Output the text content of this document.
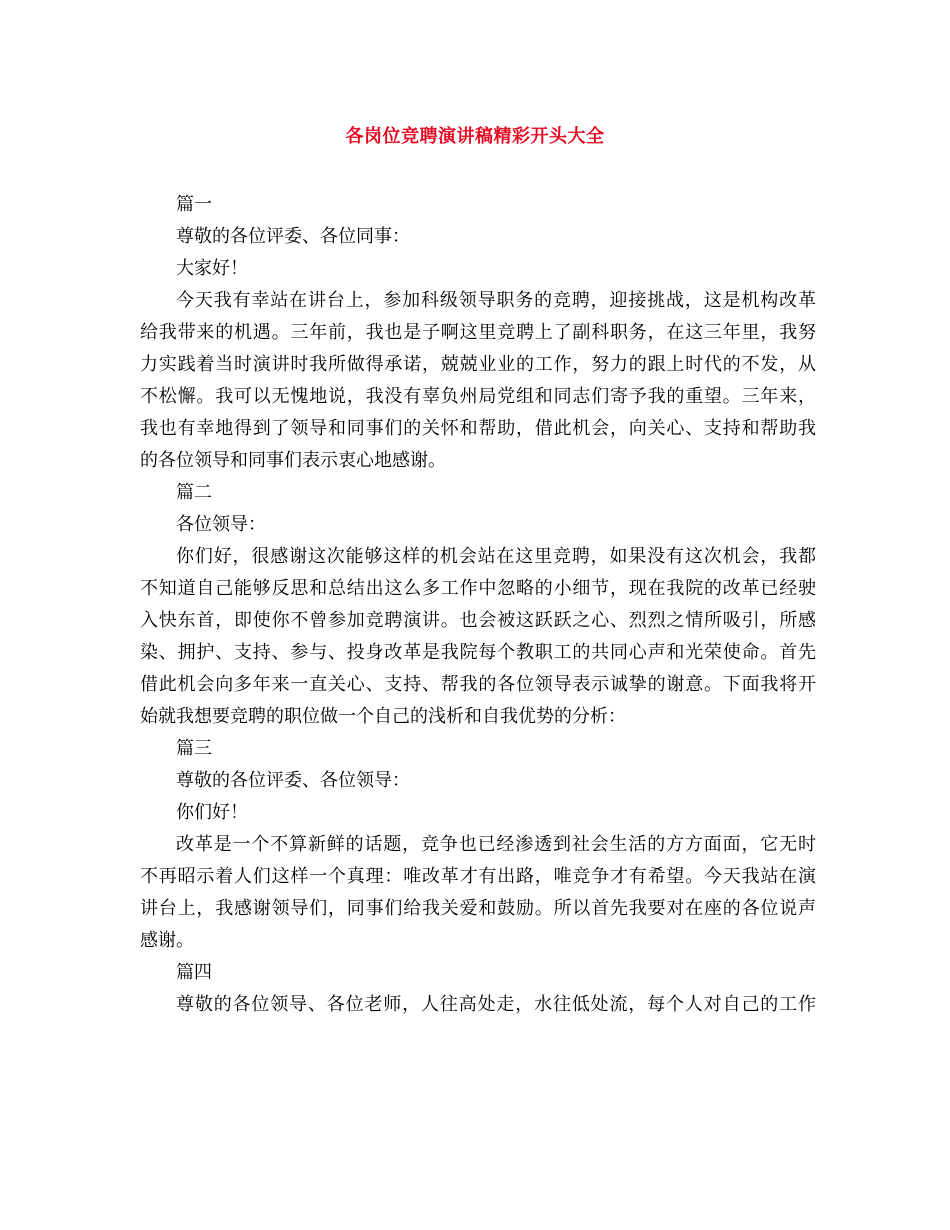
各岗位竞聘演讲稿精彩开头大全
篇一
尊敬的各位评委、各位同事：
大家好！
今天我有幸站在讲台上，参加科级领导职务的竞聘，迎接挑战，这是机构改革
给我带来的机遇。三年前，我也是子啊这里竞聘上了副科职务，在这三年里，我努
力实践着当时演讲时我所做得承诺，兢兢业业的工作，努力的跟上时代的不发，从
不松懈。我可以无愧地说，我没有辜负州局党组和同志们寄予我的重望。三年来，
我也有幸地得到了领导和同事们的关怀和帮助，借此机会，向关心、支持和帮助我
的各位领导和同事们表示衷心地感谢。
篇二
各位领导：
你们好，很感谢这次能够这样的机会站在这里竞聘，如果没有这次机会，我都
不知道自己能够反思和总结出这么多工作中忽略的小细节，现在我院的改革已经驶
入快东首，即使你不曾参加竞聘演讲。也会被这跃跃之心、烈烈之情所吸引，所感
染、拥护、支持、参与、投身改革是我院每个教职工的共同心声和光荣使命。首先
借此机会向多年来一直关心、支持、帮我的各位领导表示诚挚的谢意。下面我将开
始就我想要竞聘的职位做一个自己的浅析和自我优势的分析：
篇三
尊敬的各位评委、各位领导：
你们好！
改革是一个不算新鲜的话题，竞争也已经渗透到社会生活的方方面面，它无时
不再昭示着人们这样一个真理：唯改革才有出路，唯竞争才有希望。今天我站在演
讲台上，我感谢领导们，同事们给我关爱和鼓励。所以首先我要对在座的各位说声
感谢。
篇四
尊敬的各位领导、各位老师，人往高处走，水往低处流，每个人对自己的工作
